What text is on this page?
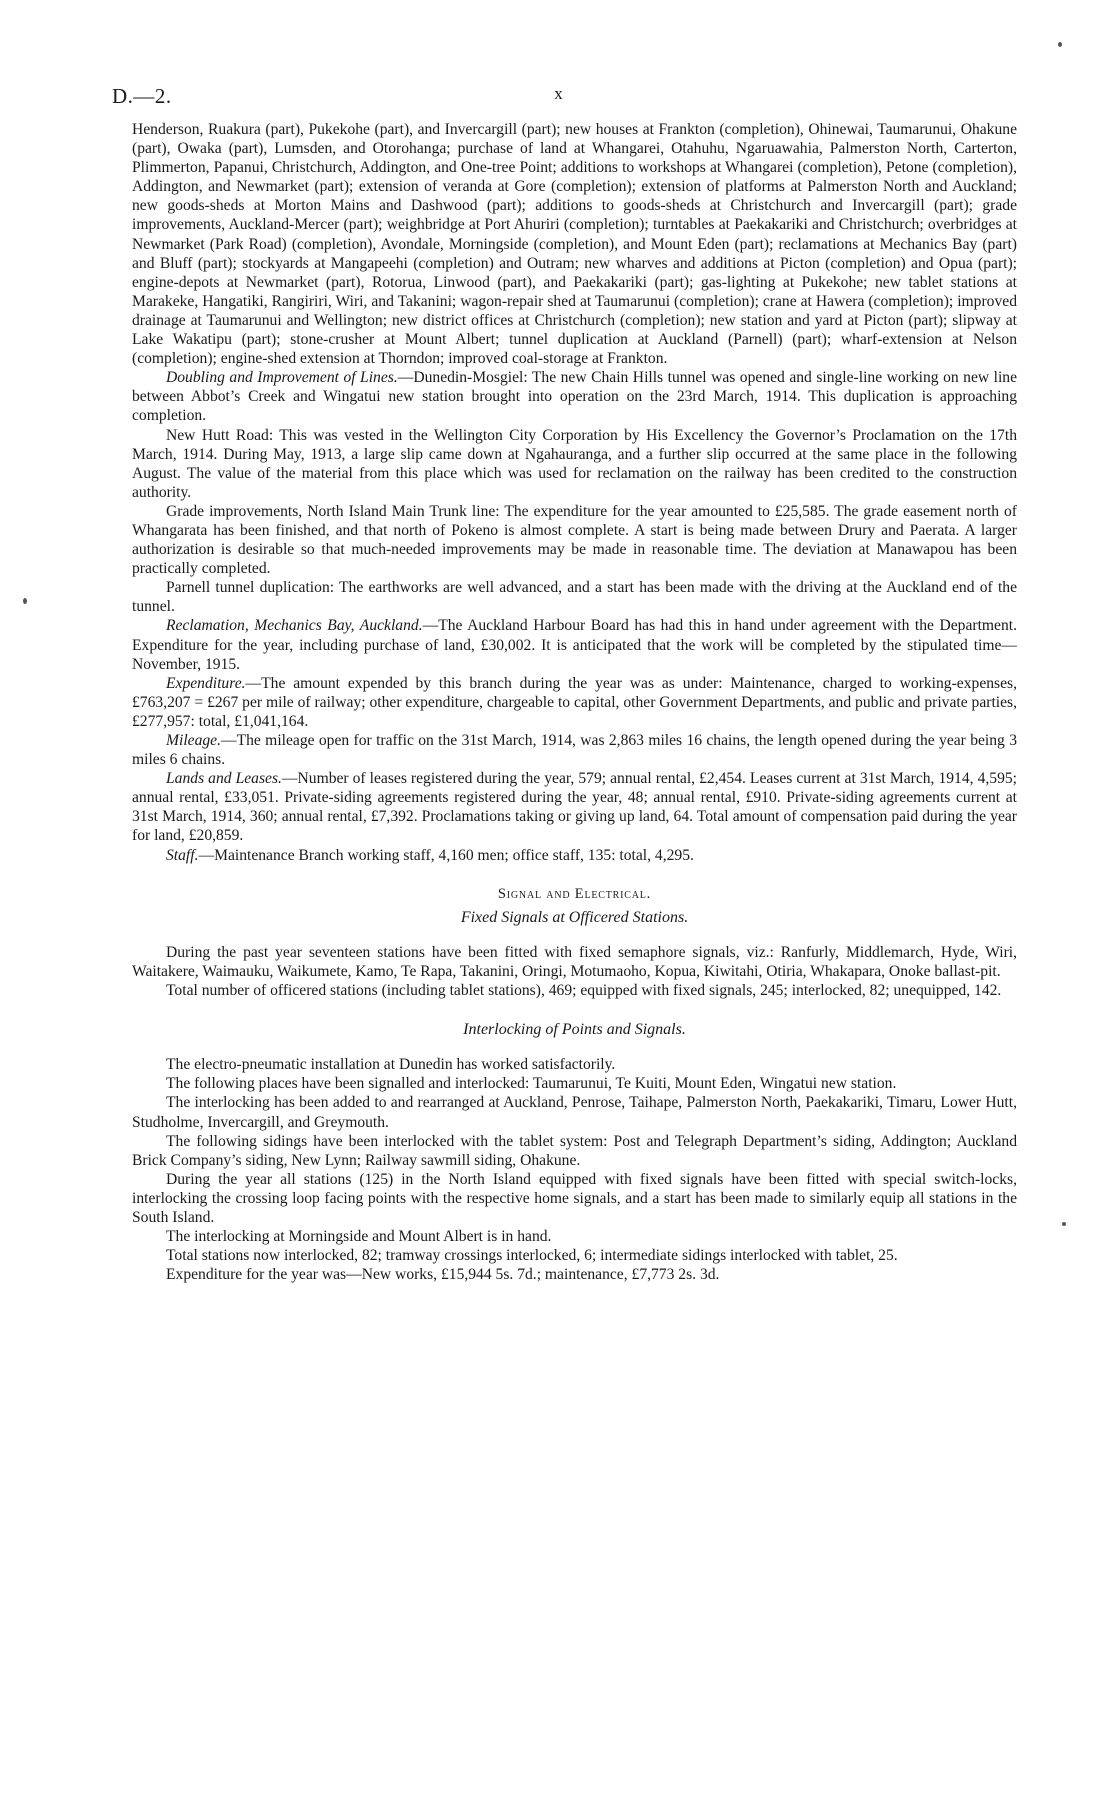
D.—2.	x

Henderson, Ruakura (part), Pukekohe (part), and Invercargill (part); new houses at Frankton (completion), Ohinewai, Taumarunui, Ohakune (part), Owaka (part), Lumsden, and Otorohanga; purchase of land at Whangarei, Otahuhu, Ngaruawahia, Palmerston North, Carterton, Plimmerton, Papanui, Christchurch, Addington, and One-tree Point; additions to workshops at Whangarei (completion), Petone (completion), Addington, and Newmarket (part); extension of veranda at Gore (completion); extension of platforms at Palmerston North and Auckland; new goods-sheds at Morton Mains and Dashwood (part); additions to goods-sheds at Christchurch and Invercargill (part); grade improvements, Auckland-Mercer (part); weighbridge at Port Ahuriri (completion); turntables at Paekakariki and Christchurch; overbridges at Newmarket (Park Road) (completion), Avondale, Morningside (completion), and Mount Eden (part); reclamations at Mechanics Bay (part) and Bluff (part); stockyards at Mangapeehi (completion) and Outram; new wharves and additions at Picton (completion) and Opua (part); engine-depots at Newmarket (part), Rotorua, Linwood (part), and Paekakariki (part); gas-lighting at Pukekohe; new tablet stations at Marakeke, Hangatiki, Rangiriri, Wiri, and Takanini; wagon-repair shed at Taumarunui (completion); crane at Hawera (completion); improved drainage at Taumarunui and Wellington; new district offices at Christchurch (completion); new station and yard at Picton (part); slipway at Lake Wakatipu (part); stone-crusher at Mount Albert; tunnel duplication at Auckland (Parnell) (part); wharf-extension at Nelson (completion); engine-shed extension at Thorndon; improved coal-storage at Frankton.

Doubling and Improvement of Lines.—Dunedin-Mosgiel: The new Chain Hills tunnel was opened and single-line working on new line between Abbot’s Creek and Wingatui new station brought into operation on the 23rd March, 1914. This duplication is approaching completion.

New Hutt Road: This was vested in the Wellington City Corporation by His Excellency the Governor’s Proclamation on the 17th March, 1914. During May, 1913, a large slip came down at Ngahauranga, and a further slip occurred at the same place in the following August. The value of the material from this place which was used for reclamation on the railway has been credited to the construction authority.

Grade improvements, North Island Main Trunk line: The expenditure for the year amounted to £25,585. The grade easement north of Whangarata has been finished, and that north of Pokeno is almost complete. A start is being made between Drury and Paerata. A larger authorization is desirable so that much-needed improvements may be made in reasonable time. The deviation at Manawapou has been practically completed.

Parnell tunnel duplication: The earthworks are well advanced, and a start has been made with the driving at the Auckland end of the tunnel.

Reclamation, Mechanics Bay, Auckland.—The Auckland Harbour Board has had this in hand under agreement with the Department. Expenditure for the year, including purchase of land, £30,002. It is anticipated that the work will be completed by the stipulated time—November, 1915.

Expenditure.—The amount expended by this branch during the year was as under: Maintenance, charged to working-expenses, £763,207 = £267 per mile of railway; other expenditure, chargeable to capital, other Government Departments, and public and private parties, £277,957: total, £1,041,164.

Mileage.—The mileage open for traffic on the 31st March, 1914, was 2,863 miles 16 chains, the length opened during the year being 3 miles 6 chains.

Lands and Leases.—Number of leases registered during the year, 579; annual rental, £2,454. Leases current at 31st March, 1914, 4,595; annual rental, £33,051. Private-siding agreements registered during the year, 48; annual rental, £910. Private-siding agreements current at 31st March, 1914, 360; annual rental, £7,392. Proclamations taking or giving up land, 64. Total amount of compensation paid during the year for land, £20,859.

Staff.—Maintenance Branch working staff, 4,160 men; office staff, 135: total, 4,295.

Signal and Electrical.
Fixed Signals at Officered Stations.

During the past year seventeen stations have been fitted with fixed semaphore signals, viz.: Ranfurly, Middlemarch, Hyde, Wiri, Waitakere, Waimauku, Waikumete, Kamo, Te Rapa, Takanini, Oringi, Motumaoho, Kopua, Kiwitahi, Otiria, Whakapara, Onoke ballast-pit.

Total number of officered stations (including tablet stations), 469; equipped with fixed signals, 245; interlocked, 82; unequipped, 142.

Interlocking of Points and Signals.

The electro-pneumatic installation at Dunedin has worked satisfactorily.

The following places have been signalled and interlocked: Taumarunui, Te Kuiti, Mount Eden, Wingatui new station.

The interlocking has been added to and rearranged at Auckland, Penrose, Taihape, Palmerston North, Paekakariki, Timaru, Lower Hutt, Studholme, Invercargill, and Greymouth.

The following sidings have been interlocked with the tablet system: Post and Telegraph Department’s siding, Addington; Auckland Brick Company’s siding, New Lynn; Railway sawmill siding, Ohakune.

During the year all stations (125) in the North Island equipped with fixed signals have been fitted with special switch-locks, interlocking the crossing loop facing points with the respective home signals, and a start has been made to similarly equip all stations in the South Island.

The interlocking at Morningside and Mount Albert is in hand.

Total stations now interlocked, 82; tramway crossings interlocked, 6; intermediate sidings interlocked with tablet, 25.

Expenditure for the year was—New works, £15,944 5s. 7d.; maintenance, £7,773 2s. 3d.
